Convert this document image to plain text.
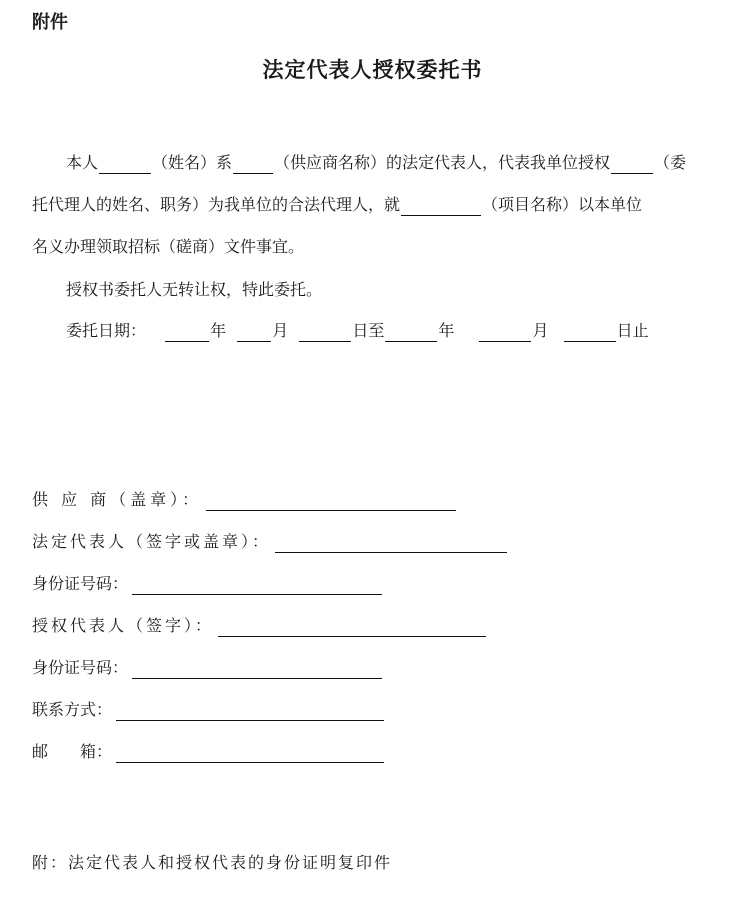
附件
法定代表人授权委托书
本人	（姓名）系	（供应商名称）的法定代表人，代表我单位授权	（委
托代理人的姓名、职务）为我单位的合法代理人，就	（项目名称）以本单位
名义办理领取招标（磋商）文件事宜。
授权书委托人无转让权，特此委托。
委托日期：	年	月	日至	年	月	日止
供 应 商（盖章）：
法定代表人（签字或盖章）：
身份证号码：
授权代表人（签字）：
身份证号码：
联系方式：
邮　　箱：
附：法定代表人和授权代表的身份证明复印件
